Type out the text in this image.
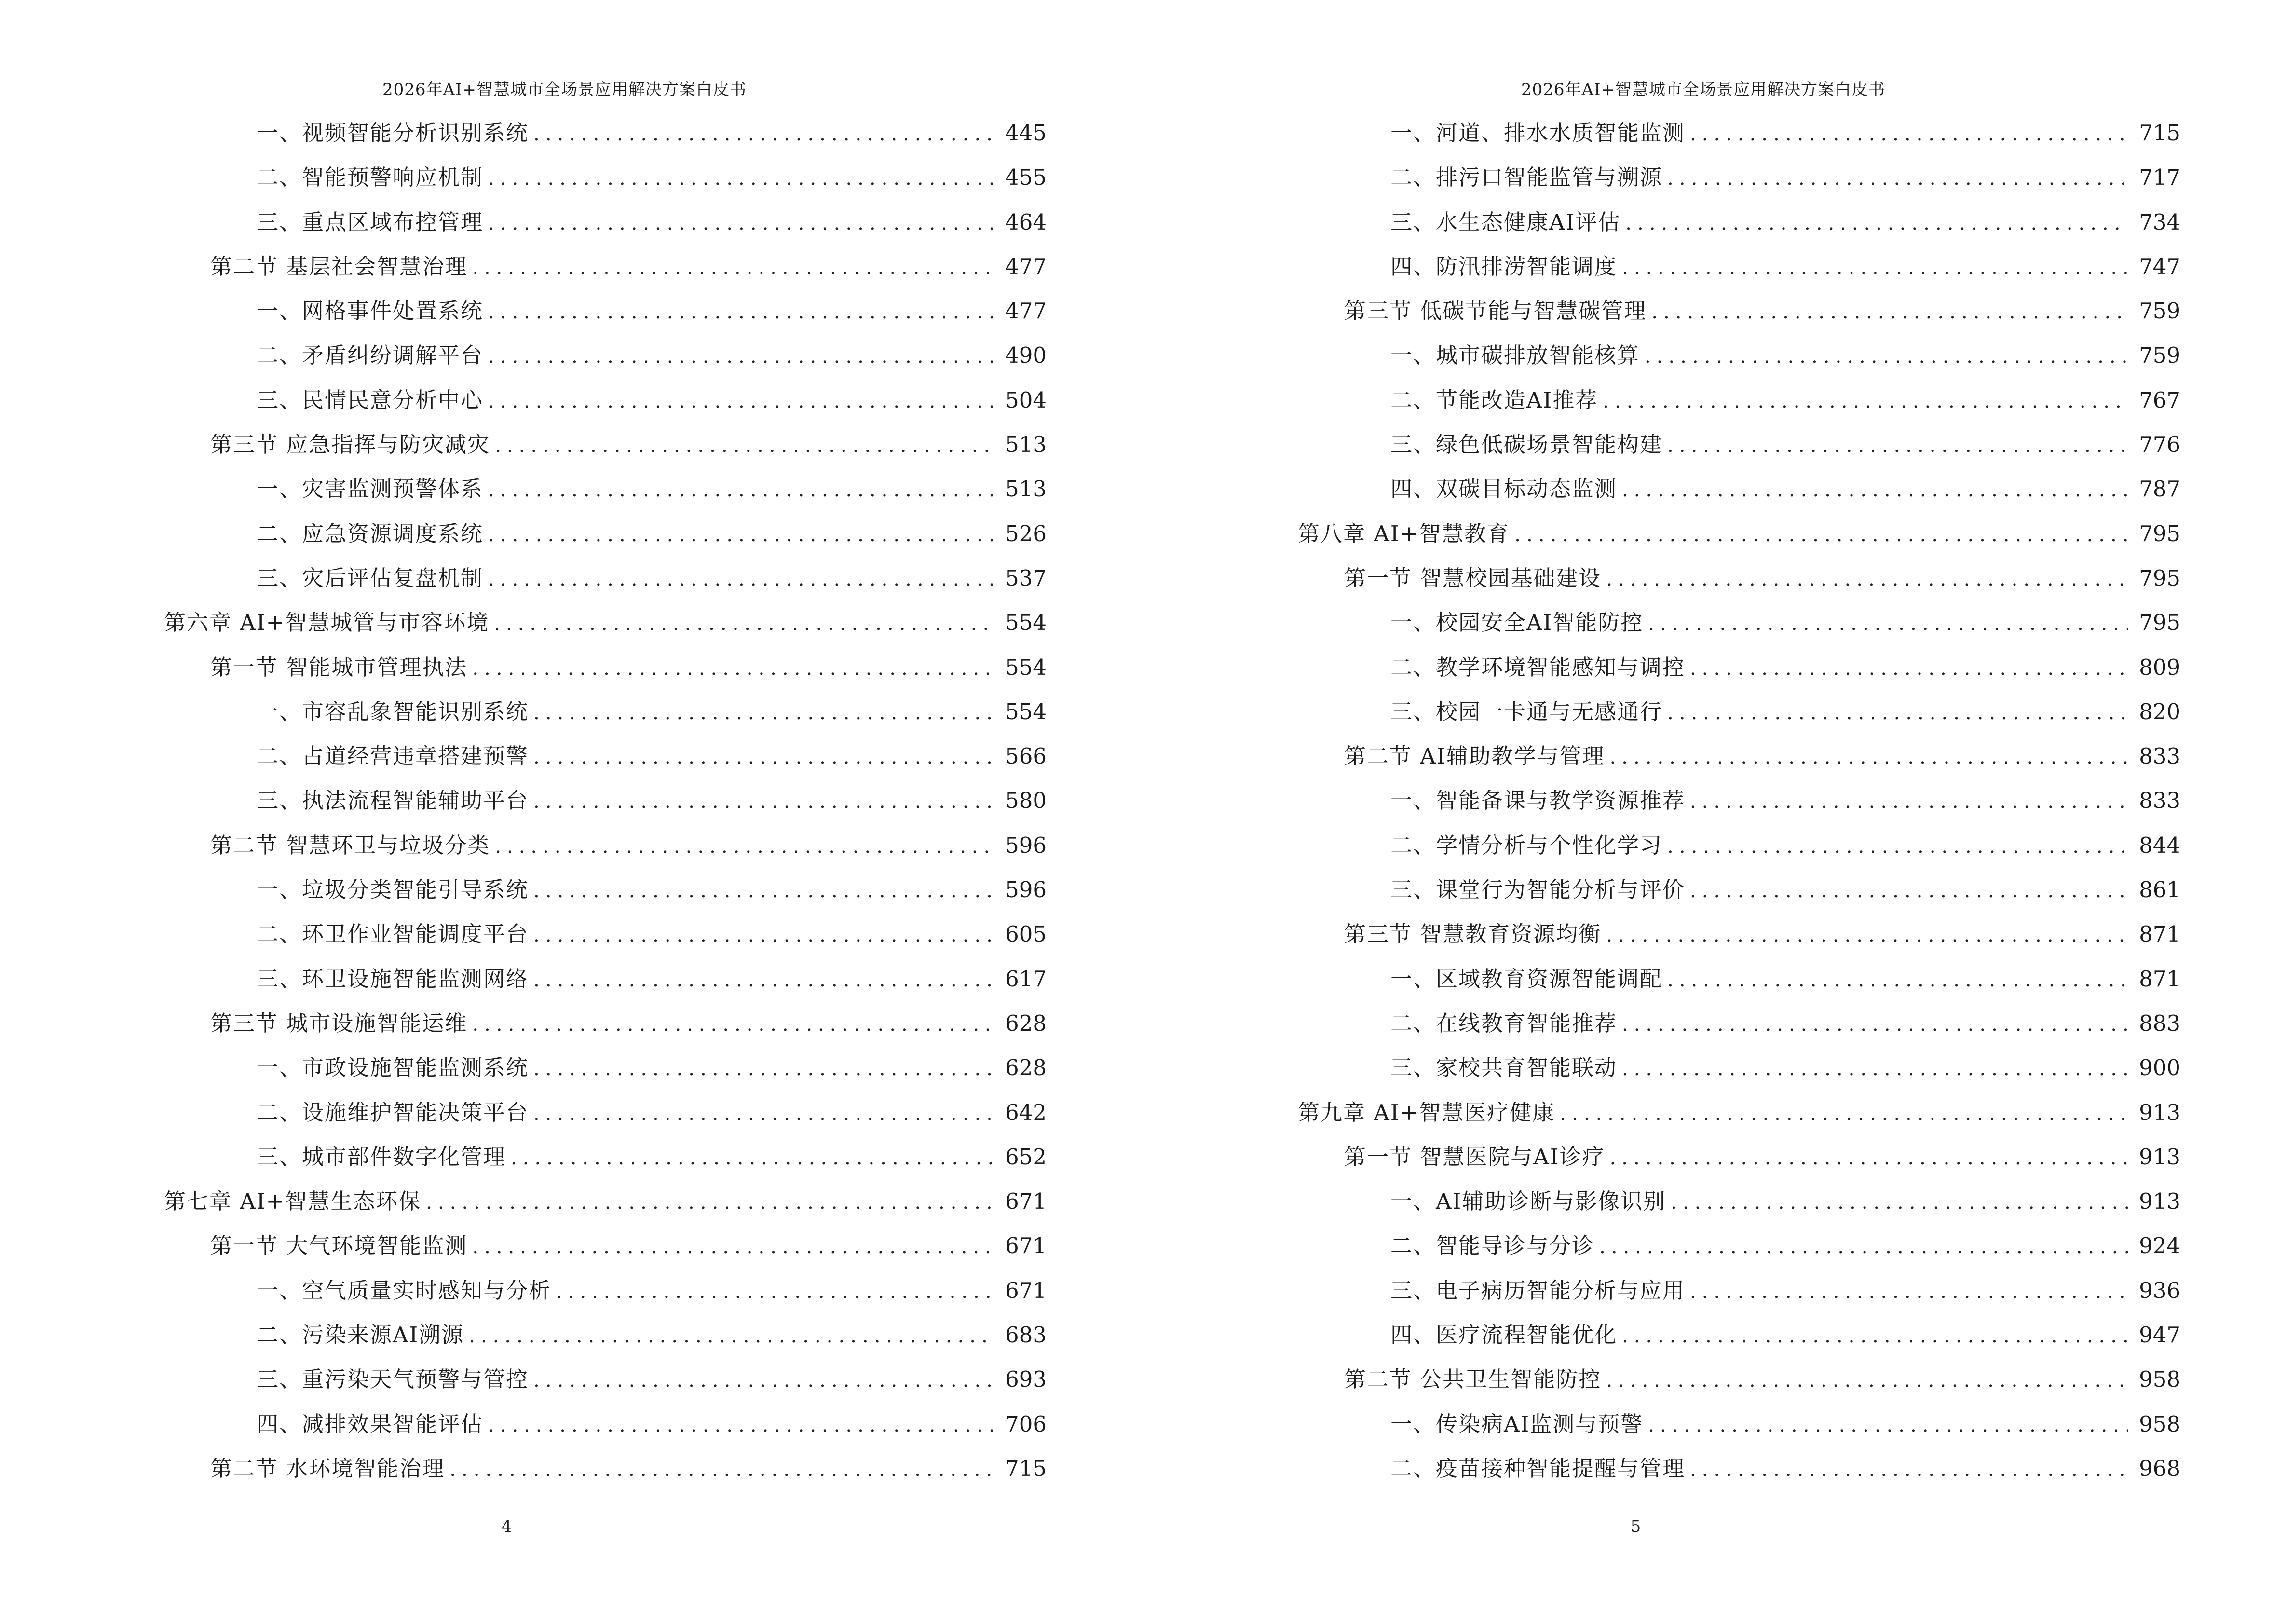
2026年AI+智慧城市全场景应用解决方案白皮书
一、视频智能分析识别系统 .....	445
二、智能预警响应机制 .....	455
三、重点区域布控管理 .....	464
第二节 基层社会智慧治理 .....	477
一、网格事件处置系统 .....	477
二、矛盾纠纷调解平台 .....	490
三、民情民意分析中心 .....	504
第三节 应急指挥与防灾减灾 .....	513
一、灾害监测预警体系 .....	513
二、应急资源调度系统 .....	526
三、灾后评估复盘机制 .....	537
第六章 AI+智慧城管与市容环境 .....	554
第一节 智能城市管理执法 .....	554
一、市容乱象智能识别系统 .....	554
二、占道经营违章搭建预警 .....	566
三、执法流程智能辅助平台 .....	580
第二节 智慧环卫与垃圾分类 .....	596
一、垃圾分类智能引导系统 .....	596
二、环卫作业智能调度平台 .....	605
三、环卫设施智能监测网络 .....	617
第三节 城市设施智能运维 .....	628
一、市政设施智能监测系统 .....	628
二、设施维护智能决策平台 .....	642
三、城市部件数字化管理 .....	652
第七章 AI+智慧生态环保 .....	671
第一节 大气环境智能监测 .....	671
一、空气质量实时感知与分析 .....	671
二、污染来源AI溯源 .....	683
三、重污染天气预警与管控 .....	693
四、减排效果智能评估 .....	706
第二节 水环境智能治理 .....	715
4
2026年AI+智慧城市全场景应用解决方案白皮书
一、河道、排水水质智能监测 .....	715
二、排污口智能监管与溯源 .....	717
三、水生态健康AI评估 .....	734
四、防汛排涝智能调度 .....	747
第三节 低碳节能与智慧碳管理 .....	759
一、城市碳排放智能核算 .....	759
二、节能改造AI推荐 .....	767
三、绿色低碳场景智能构建 .....	776
四、双碳目标动态监测 .....	787
第八章 AI+智慧教育 .....	795
第一节 智慧校园基础建设 .....	795
一、校园安全AI智能防控 .....	795
二、教学环境智能感知与调控 .....	809
三、校园一卡通与无感通行 .....	820
第二节 AI辅助教学与管理 .....	833
一、智能备课与教学资源推荐 .....	833
二、学情分析与个性化学习 .....	844
三、课堂行为智能分析与评价 .....	861
第三节 智慧教育资源均衡 .....	871
一、区域教育资源智能调配 .....	871
二、在线教育智能推荐 .....	883
三、家校共育智能联动 .....	900
第九章 AI+智慧医疗健康 .....	913
第一节 智慧医院与AI诊疗 .....	913
一、AI辅助诊断与影像识别 .....	913
二、智能导诊与分诊 .....	924
三、电子病历智能分析与应用 .....	936
四、医疗流程智能优化 .....	947
第二节 公共卫生智能防控 .....	958
一、传染病AI监测与预警 .....	958
二、疫苗接种智能提醒与管理 .....	968
5
